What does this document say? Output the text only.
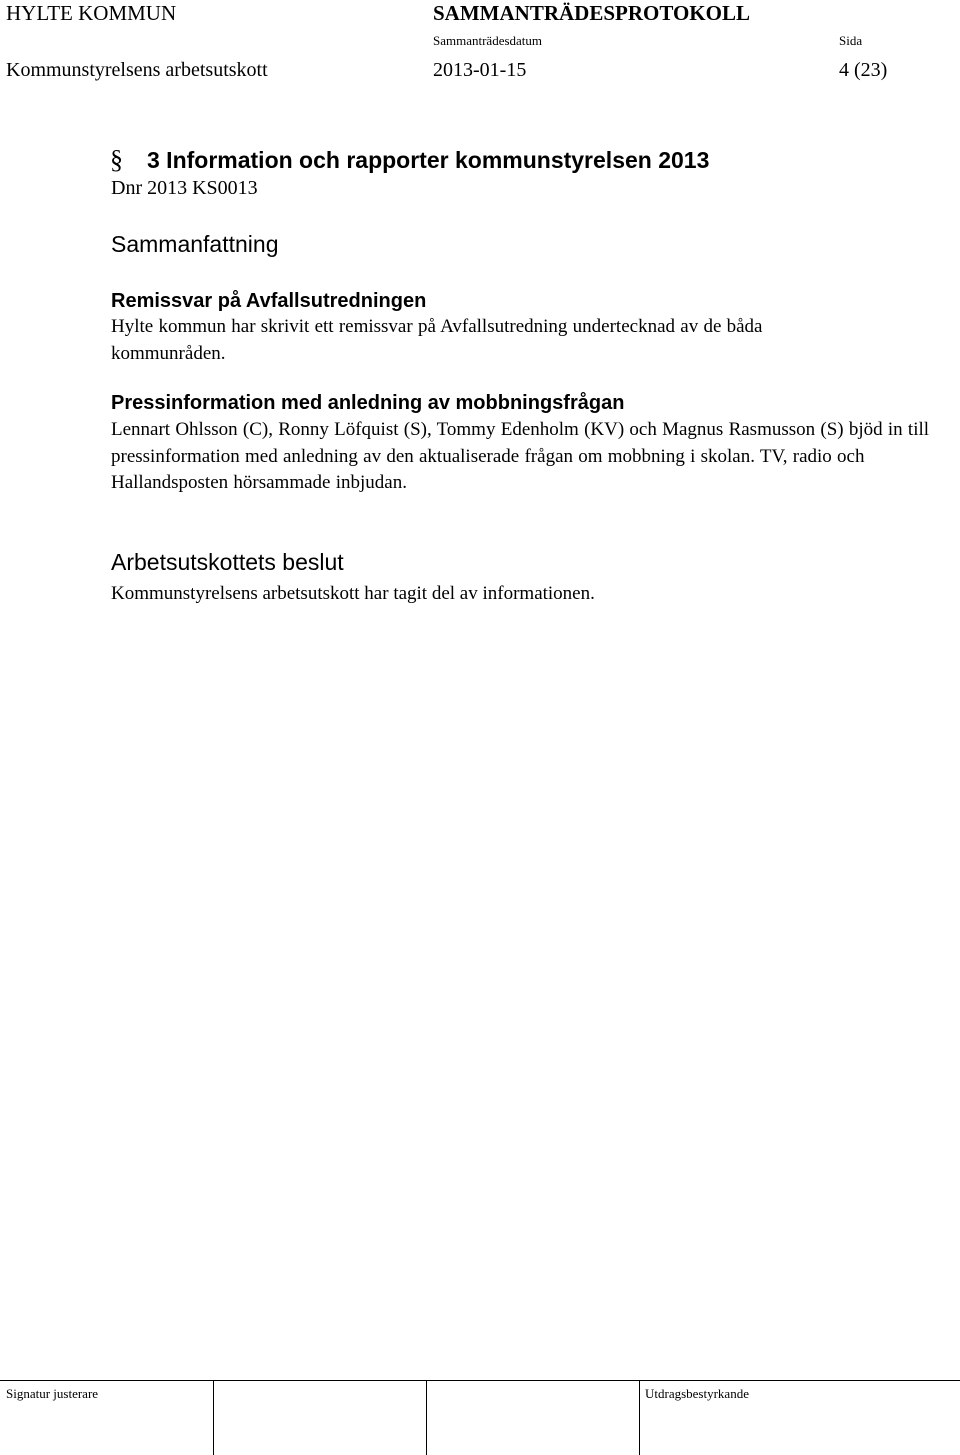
HYLTE KOMMUN	SAMMANTRÄDESPROTOKOLL
Sammanträdesdatum	Sida
Kommunstyrelsens arbetsutskott	2013-01-15	4 (23)
§ 3 Information och rapporter kommunstyrelsen 2013
Dnr 2013 KS0013
Sammanfattning
Remissvar på Avfallsutredningen
Hylte kommun har skrivit ett remissvar på Avfallsutredning undertecknad av de båda kommunråden.
Pressinformation med anledning av mobbningsfrågan
Lennart Ohlsson (C), Ronny Löfquist (S), Tommy Edenholm (KV) och Magnus Rasmusson (S) bjöd in till pressinformation med anledning av den aktualiserade frågan om mobbning i skolan. TV, radio och Hallandsposten hörsammade inbjudan.
Arbetsutskottets beslut
Kommunstyrelsens arbetsutskott har tagit del av informationen.
Signatur justerare	Utdragsbestyrkande
